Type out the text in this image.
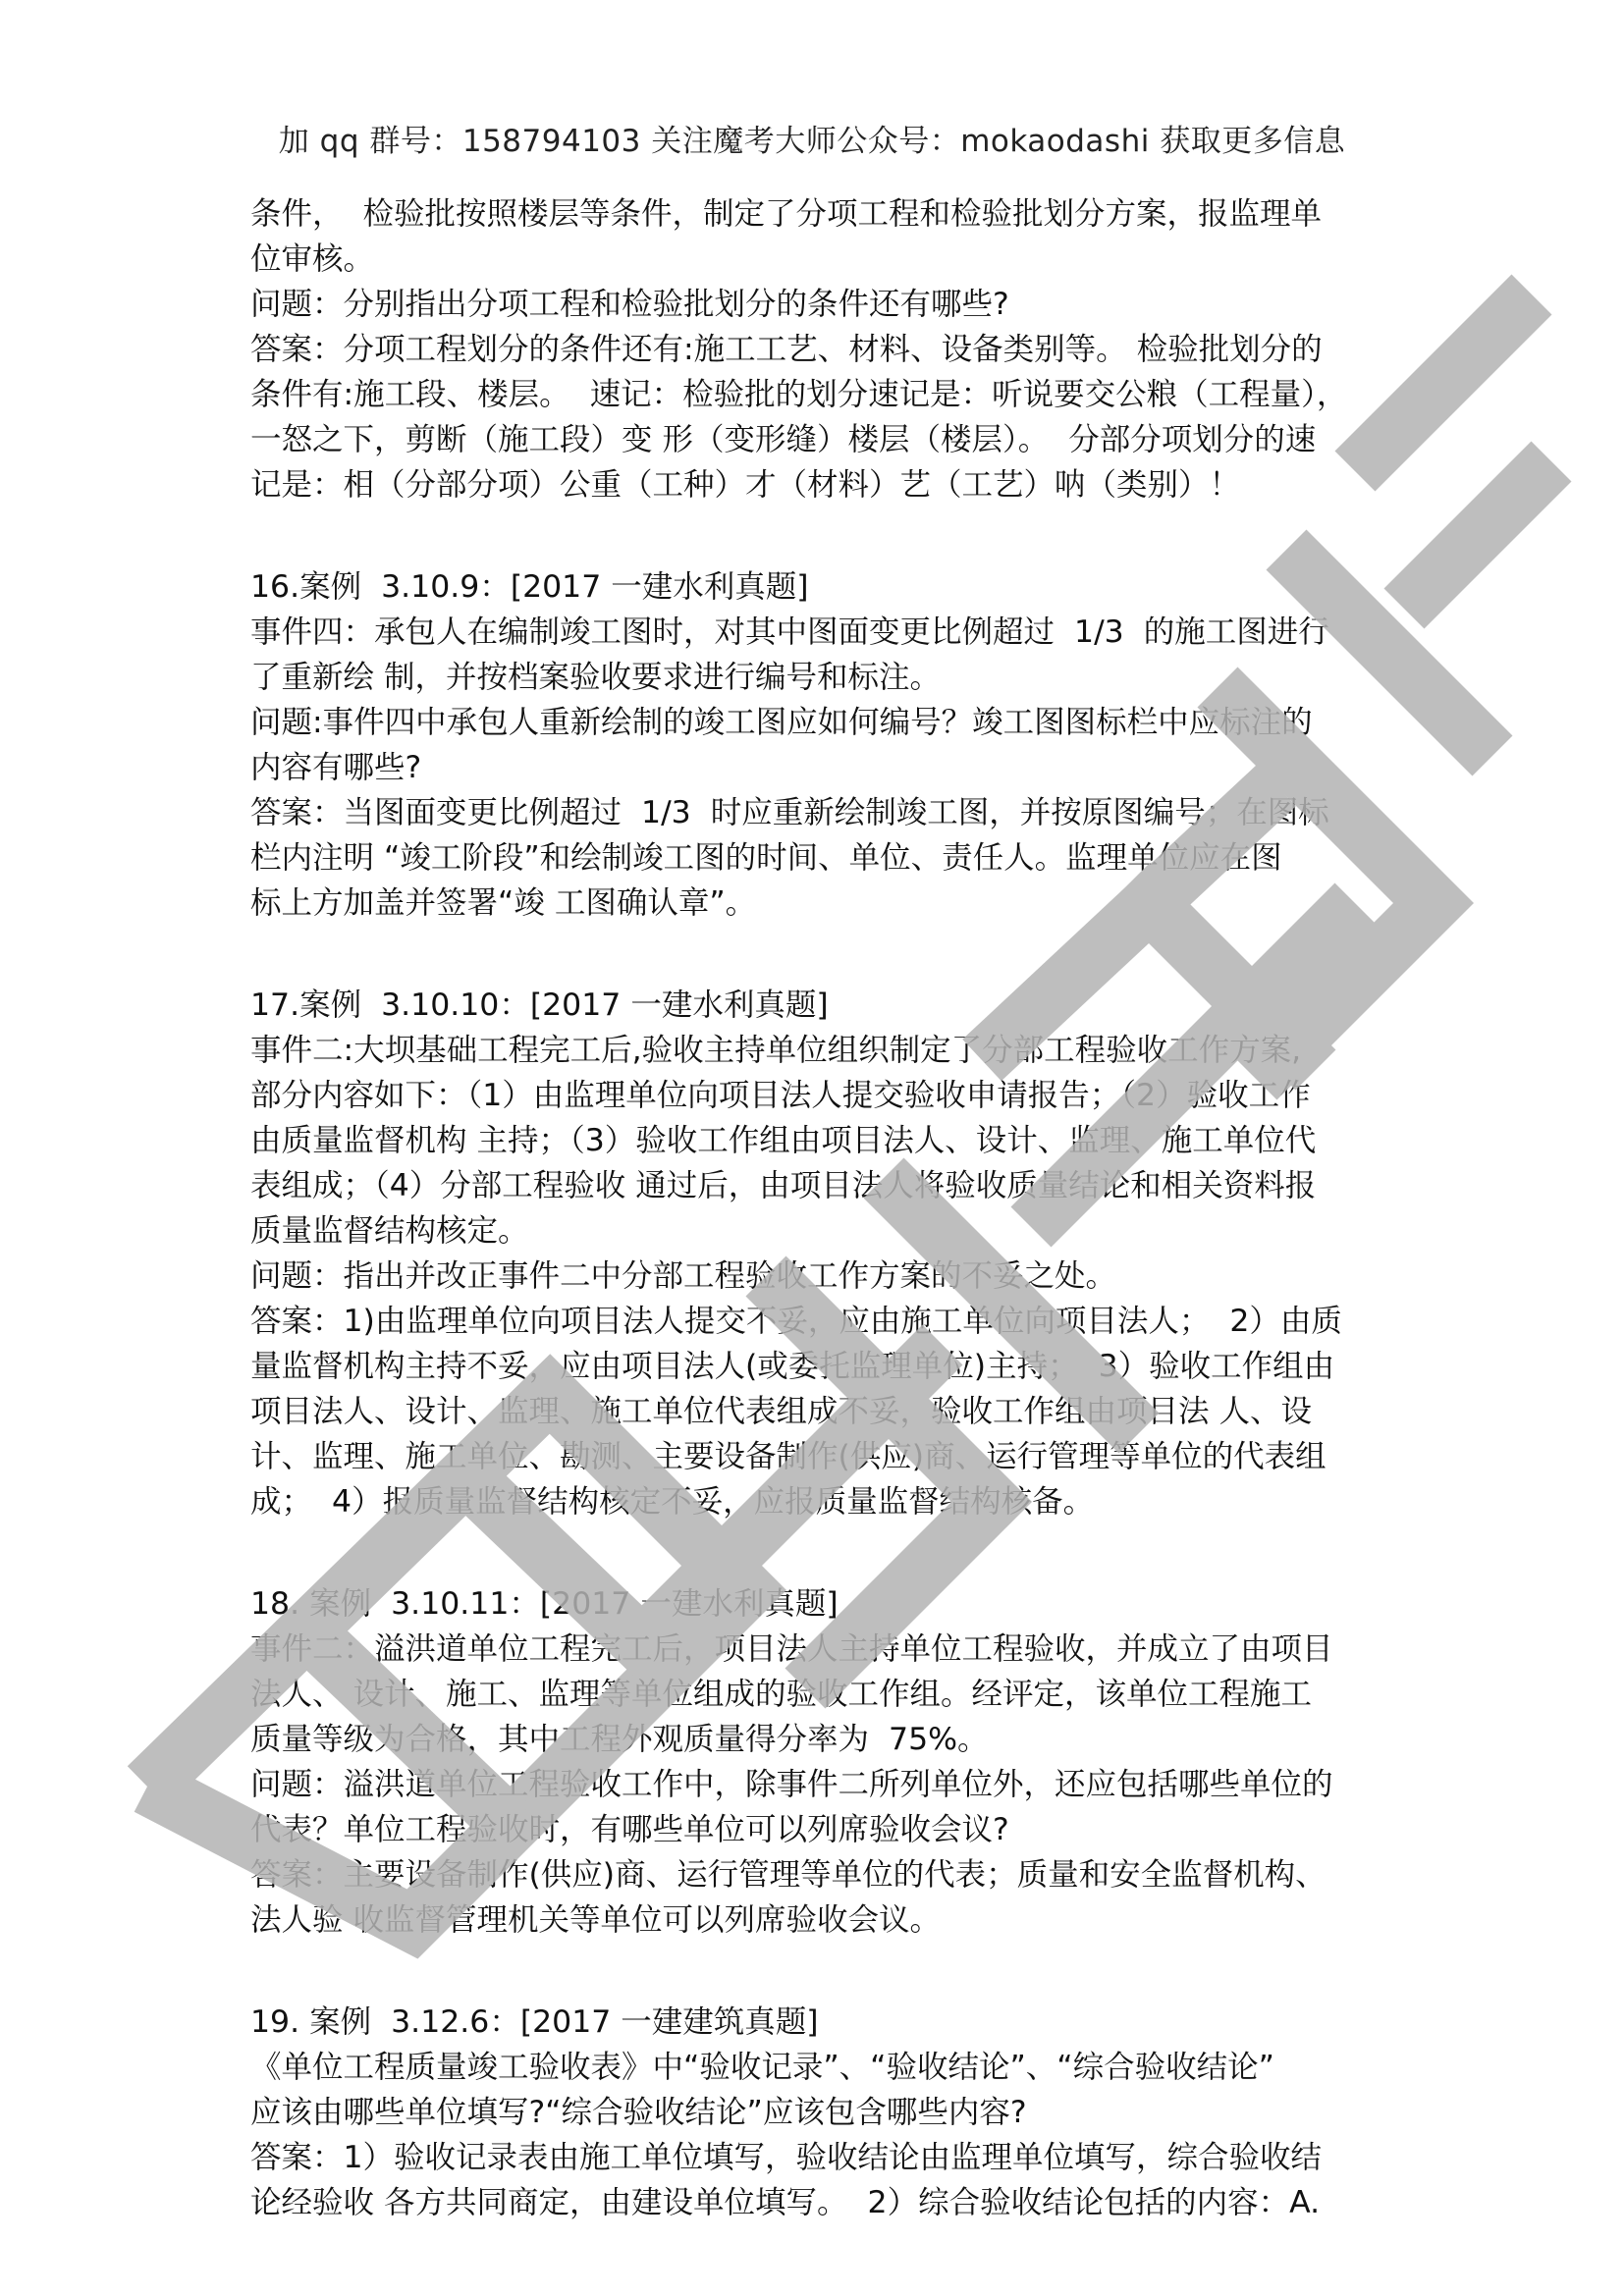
加 qq 群号：158794103 关注魔考大师公众号：mokaodashi 获取更多信息

条件，  检验批按照楼层等条件，制定了分项工程和检验批划分方案，报监理单

位审核。

问题：分别指出分项工程和检验批划分的条件还有哪些?

答案：分项工程划分的条件还有:施工工艺、材料、设备类别等。 检验批划分的

条件有:施工段、楼层。  速记：检验批的划分速记是：听说要交公粮（工程量），

一怒之下，剪断（施工段）变 形（变形缝）楼层（楼层）。  分部分项划分的速

记是：相（分部分项）公重（工种）才（材料）艺（工艺）呐（类别）！

16.案例  3.10.9：[2017 一建水利真题]

事件四：承包人在编制竣工图时，对其中图面变更比例超过  1/3  的施工图进行

了重新绘 制，并按档案验收要求进行编号和标注。

问题:事件四中承包人重新绘制的竣工图应如何编号？竣工图图标栏中应标注的

内容有哪些?

答案：当图面变更比例超过  1/3  时应重新绘制竣工图，并按原图编号；在图标

栏内注明 “竣工阶段”和绘制竣工图的时间、单位、责任人。监理单位应在图

标上方加盖并签署“竣 工图确认章”。

17.案例  3.10.10：[2017 一建水利真题]

事件二:大坝基础工程完工后,验收主持单位组织制定了分部工程验收工作方案,

部分内容如下：（1）由监理单位向项目法人提交验收申请报告；（2）验收工作

由质量监督机构 主持；（3）验收工作组由项目法人、设计、监理、施工单位代

表组成；（4）分部工程验收 通过后，由项目法人将验收质量结论和相关资料报

质量监督结构核定。

问题：指出并改正事件二中分部工程验收工作方案的不妥之处。

答案：1)由监理单位向项目法人提交不妥，应由施工单位向项目法人；  2）由质

量监督机构主持不妥，应由项目法人(或委托监理单位)主持；  3）验收工作组由

项目法人、设计、监理、施工单位代表组成不妥，验收工作组由项目法 人、设

计、监理、施工单位、勘测、主要设备制作(供应)商、运行管理等单位的代表组

成；  4）报质量监督结构核定不妥，应报质量监督结构核备。

18. 案例  3.10.11：[2017 一建水利真题]

事件二：溢洪道单位工程完工后，项目法人主持单位工程验收，并成立了由项目

法人、 设计、施工、监理等单位组成的验收工作组。经评定，该单位工程施工

质量等级为合格，其中工程外观质量得分率为  75%。

问题：溢洪道单位工程验收工作中，除事件二所列单位外，还应包括哪些单位的

代表？单位工程验收时，有哪些单位可以列席验收会议?

答案：主要设备制作(供应)商、运行管理等单位的代表；质量和安全监督机构、

法人验 收监督管理机关等单位可以列席验收会议。

19. 案例  3.12.6：[2017 一建建筑真题]

《单位工程质量竣工验收表》中“验收记录”、“验收结论”、“综合验收结论”

应该由哪些单位填写?“综合验收结论”应该包含哪些内容?

答案：1）验收记录表由施工单位填写，验收结论由监理单位填写，综合验收结

论经验收 各方共同商定，由建设单位填写。  2）综合验收结论包括的内容：A.
